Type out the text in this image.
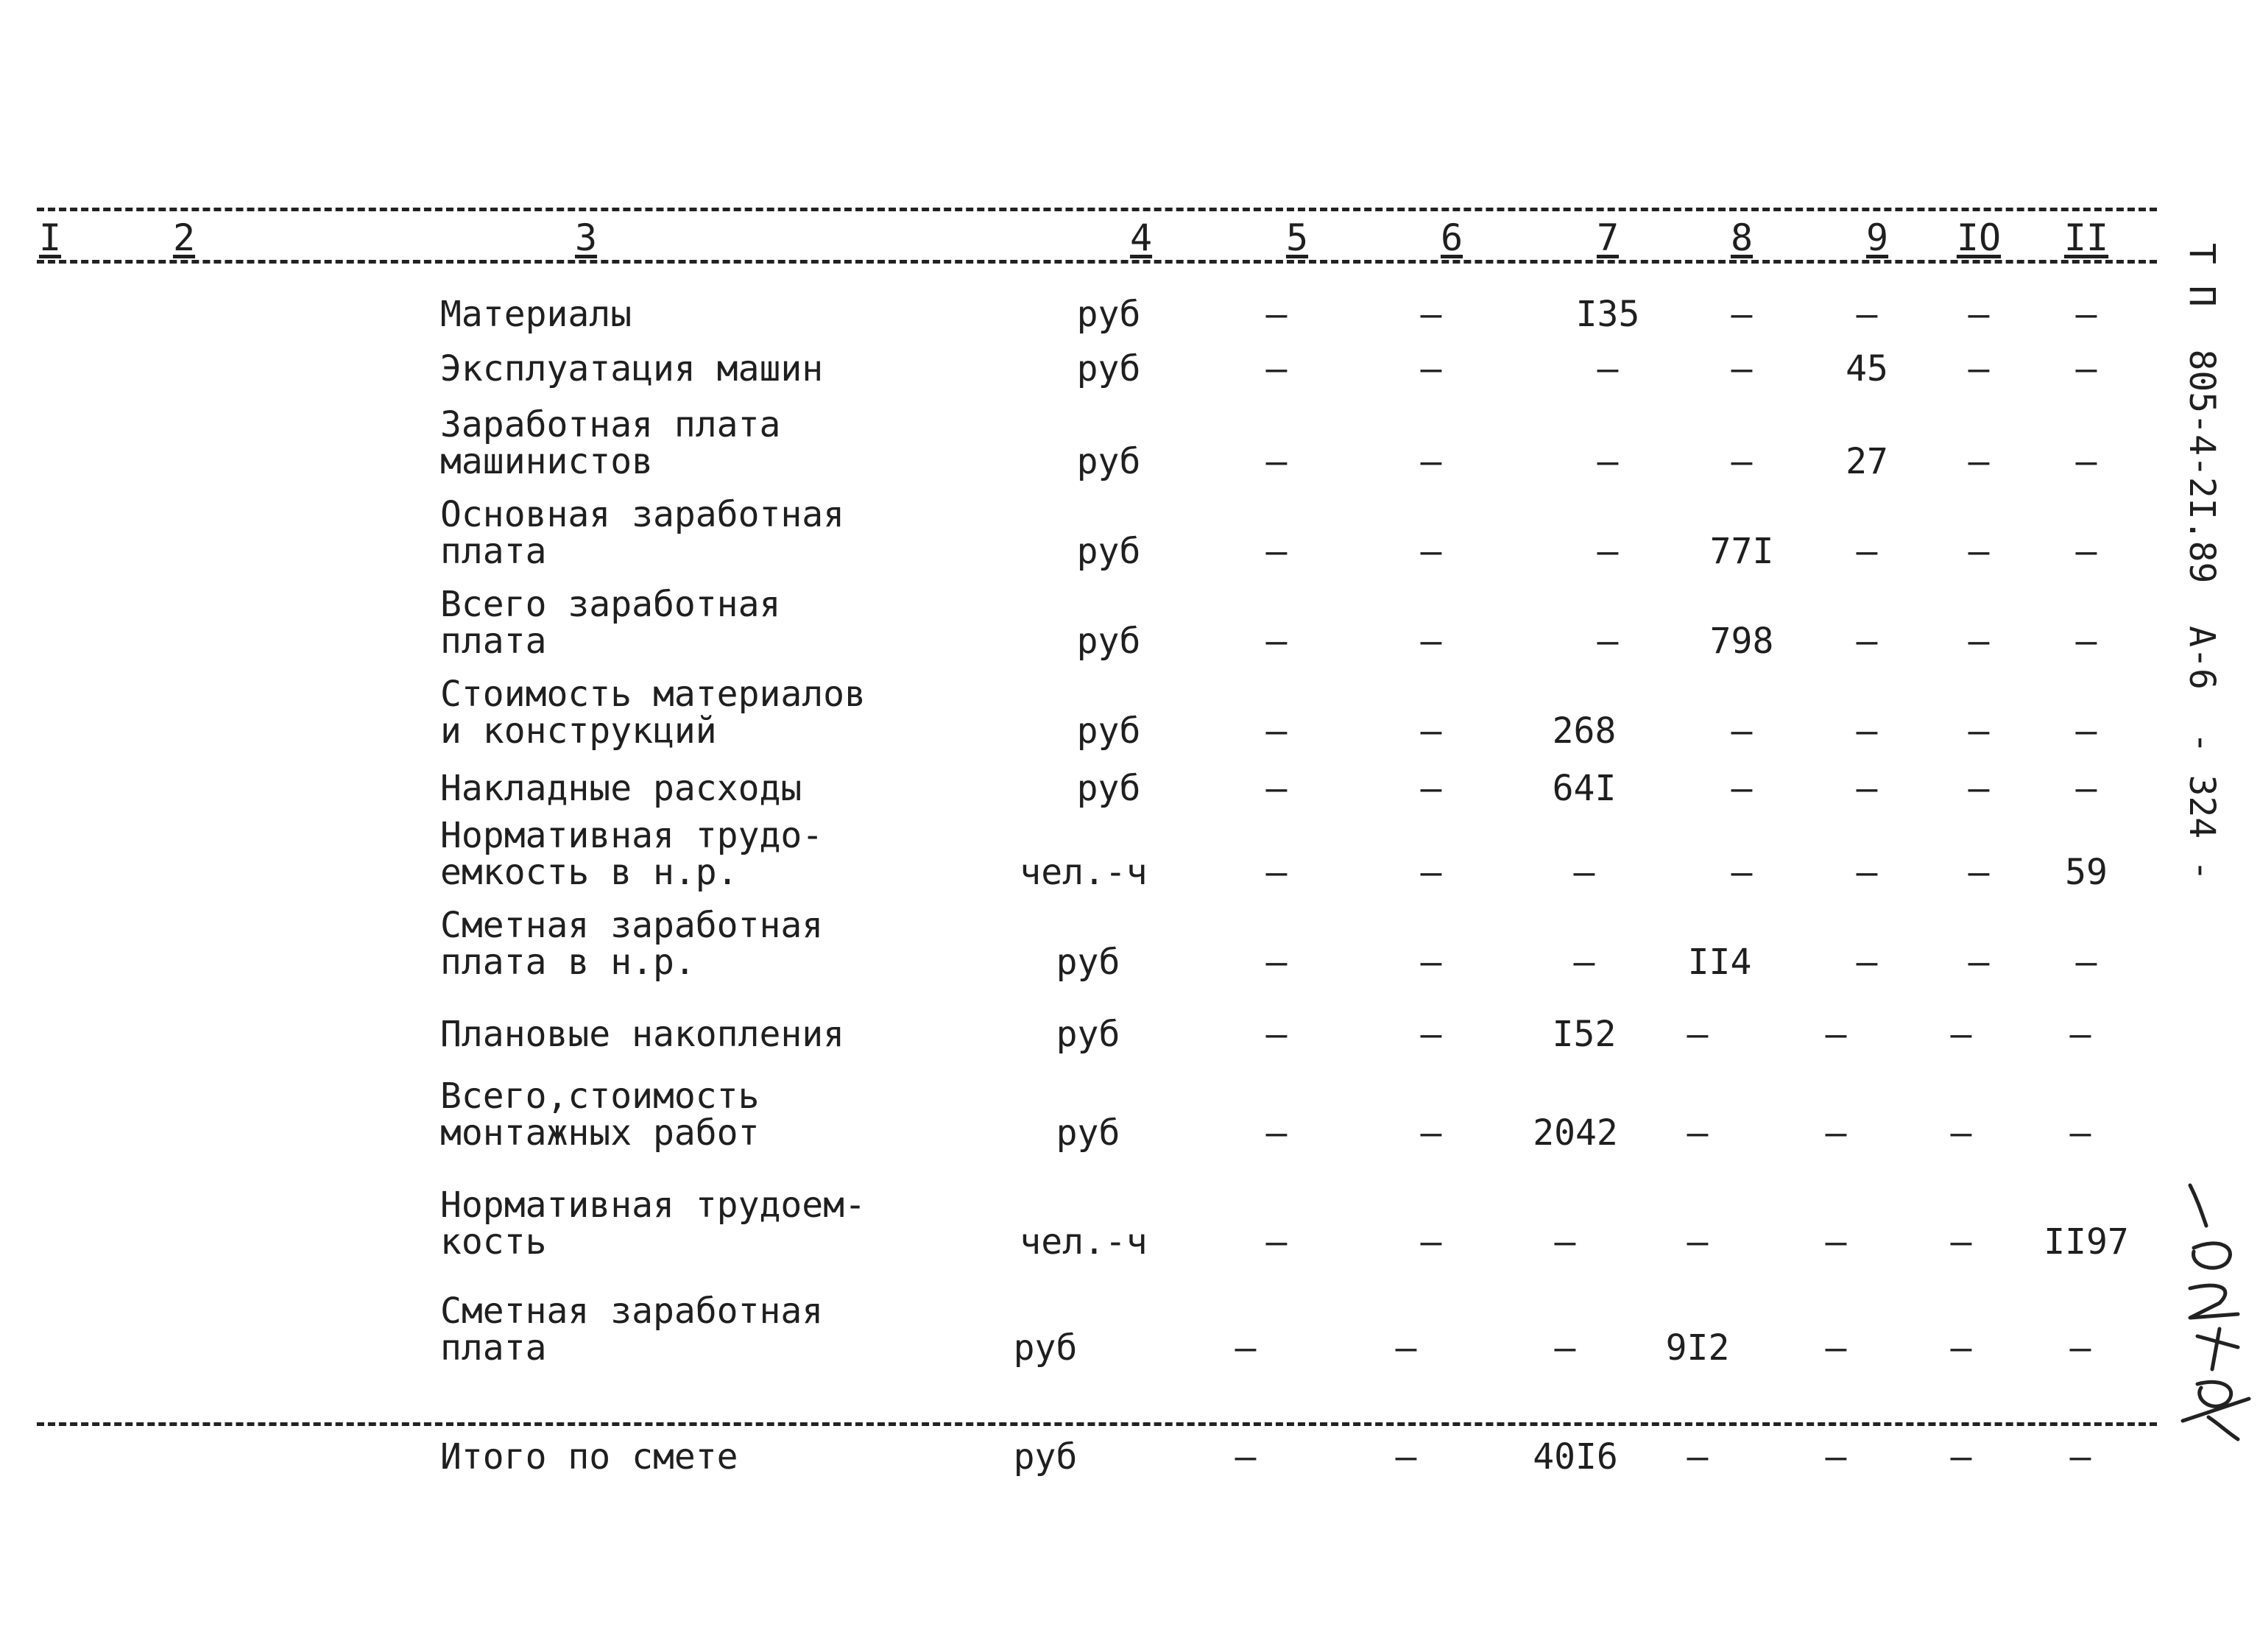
I	2	3	4	5	6	7	8	9 IO II
Материалы	руб	–	–	I35	–	–	– –
Эксплуатация машин	руб	–	–	–	–	45 – –
Заработная плата
машинистов	руб	–	–	–	–	27 – –
Основная заработная
плата	руб	–	–	–	77I –	– –
Всего заработная
плата	руб	–	–	–	798 –	– –
Стоимость материалов
и конструкций	руб	–	–	268	–	–	– –
Накладные расходы	руб	–	–	64I	–	–	– –
Нормативная трудо-
емкость в н.р.	чел.-ч	–	–	–	–	–	– 59
Сметная заработная
плата в н.р.	руб	–	–	–	II4	–	– –
Плановые накопления	руб	–	–	I52 –	–	–	–
Всего,стоимость
монтажных работ	руб	–	–	2042 –	–	–	–
Нормативная трудоем-
кость	чел.-ч	–	–	–	–	–	– II97
Сметная заработная
плата	руб	–	–	–	9I2	–	–	–
Итого по смете	руб	–	–	40I6 –	–	–	–
Т П  805-4-2I.89  А-6  - 324 -
